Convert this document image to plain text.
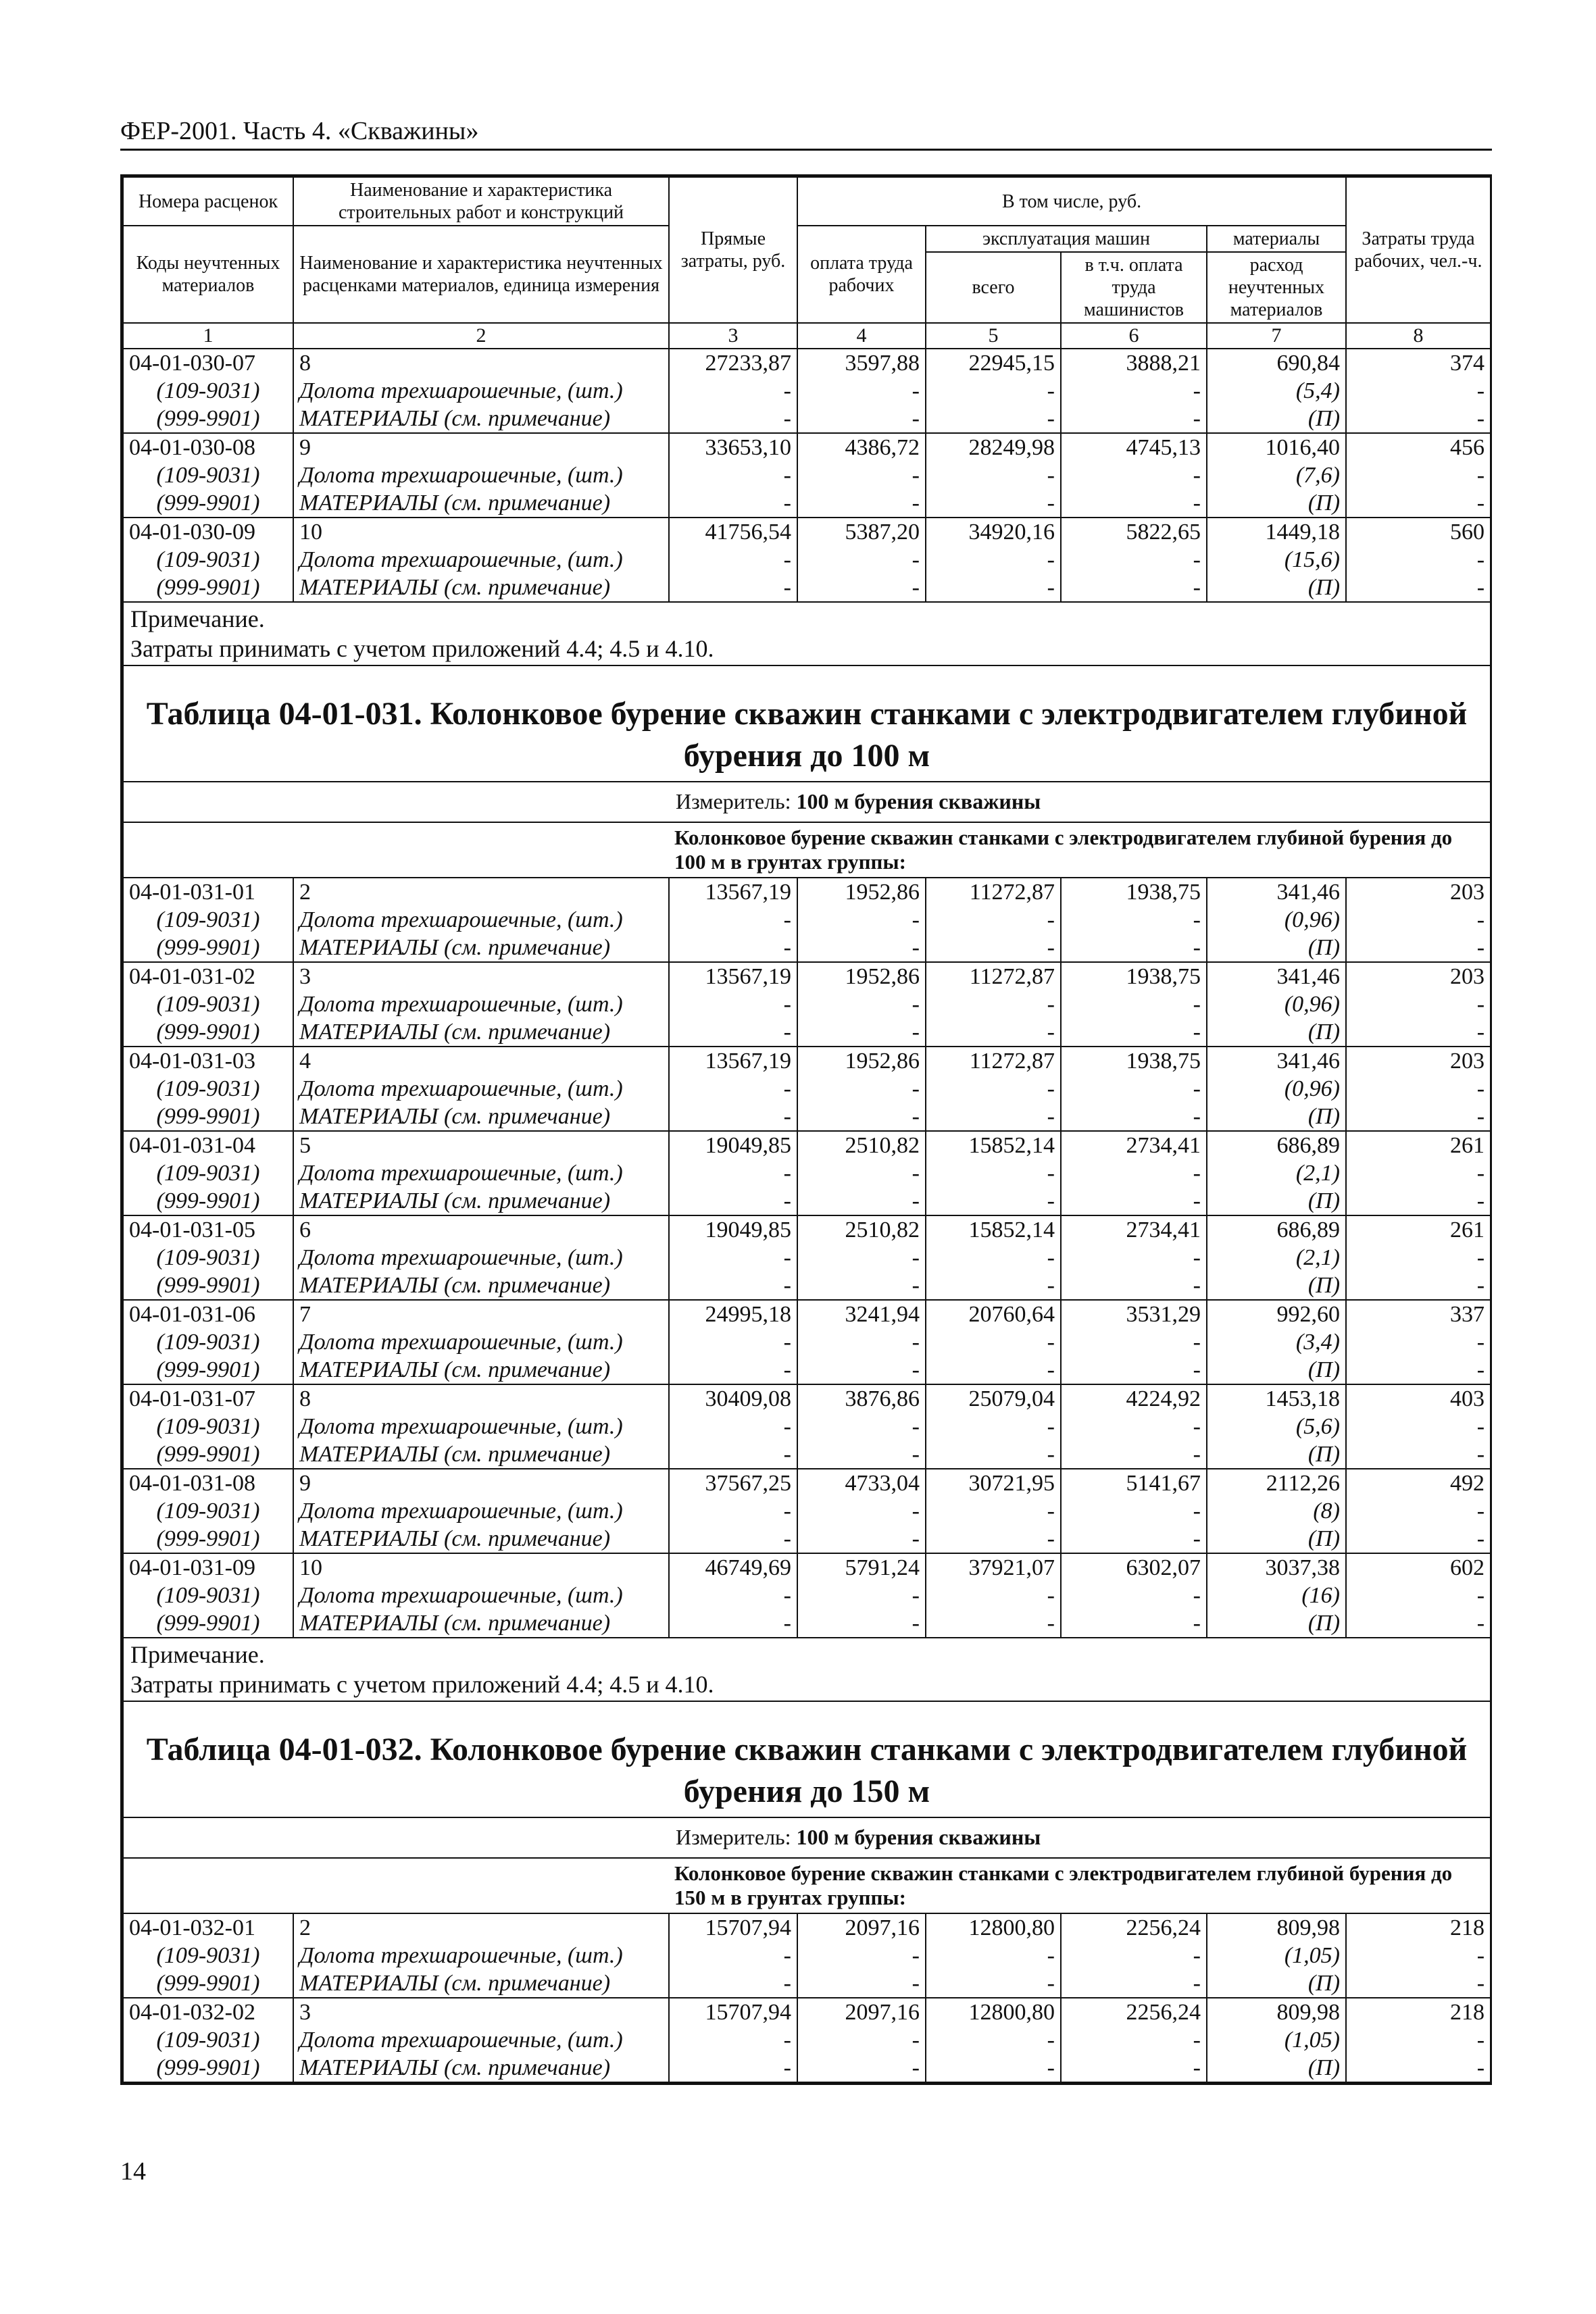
ФЕР-2001. Часть 4. «Скважины»
Номера расценок	Наименование и характеристика строительных работ и конструкций	Прямые затраты, руб.	В том числе, руб.				Затраты труда рабочих, чел.-ч.
Коды неучтенных материалов	Наименование и характеристика неучтенных расценками материалов, единица измерения		оплата труда рабочих	эксплуатация машин		материалы	
				всего	в т.ч. оплата труда машинистов	расход неучтенных материалов	
1	2	3	4	5	6	7	8
04-01-030-07	8	27233,87	3597,88	22945,15	3888,21	690,84	374
(109-9031)	Долота трехшарошечные, (шт.)	-	-	-	-	(5,4)	-
(999-9901)	МАТЕРИАЛЫ (см. примечание)	-	-	-	-	(П)	-
04-01-030-08	9	33653,10	4386,72	28249,98	4745,13	1016,40	456
(109-9031)	Долота трехшарошечные, (шт.)	-	-	-	-	(7,6)	-
(999-9901)	МАТЕРИАЛЫ (см. примечание)	-	-	-	-	(П)	-
04-01-030-09	10	41756,54	5387,20	34920,16	5822,65	1449,18	560
(109-9031)	Долота трехшарошечные, (шт.)	-	-	-	-	(15,6)	-
(999-9901)	МАТЕРИАЛЫ (см. примечание)	-	-	-	-	(П)	-

Примечание.
Затраты принимать с учетом приложений 4.4; 4.5 и 4.10.							

Таблица 04-01-031. Колонковое бурение скважин станками с электродвигателем глубиной бурения до 100 м							
		Измеритель: 100 м бурения скважины					
		Колонковое бурение скважин станками с электродвигателем глубиной бурения до 100 м в грунтах группы:					
04-01-031-01	2	13567,19	1952,86	11272,87	1938,75	341,46	203
(109-9031)	Долота трехшарошечные, (шт.)	-	-	-	-	(0,96)	-
(999-9901)	МАТЕРИАЛЫ (см. примечание)	-	-	-	-	(П)	-
04-01-031-02	3	13567,19	1952,86	11272,87	1938,75	341,46	203
(109-9031)	Долота трехшарошечные, (шт.)	-	-	-	-	(0,96)	-
(999-9901)	МАТЕРИАЛЫ (см. примечание)	-	-	-	-	(П)	-
04-01-031-03	4	13567,19	1952,86	11272,87	1938,75	341,46	203
(109-9031)	Долота трехшарошечные, (шт.)	-	-	-	-	(0,96)	-
(999-9901)	МАТЕРИАЛЫ (см. примечание)	-	-	-	-	(П)	-
04-01-031-04	5	19049,85	2510,82	15852,14	2734,41	686,89	261
(109-9031)	Долота трехшарошечные, (шт.)	-	-	-	-	(2,1)	-
(999-9901)	МАТЕРИАЛЫ (см. примечание)	-	-	-	-	(П)	-
04-01-031-05	6	19049,85	2510,82	15852,14	2734,41	686,89	261
(109-9031)	Долота трехшарошечные, (шт.)	-	-	-	-	(2,1)	-
(999-9901)	МАТЕРИАЛЫ (см. примечание)	-	-	-	-	(П)	-
04-01-031-06	7	24995,18	3241,94	20760,64	3531,29	992,60	337
(109-9031)	Долота трехшарошечные, (шт.)	-	-	-	-	(3,4)	-
(999-9901)	МАТЕРИАЛЫ (см. примечание)	-	-	-	-	(П)	-
04-01-031-07	8	30409,08	3876,86	25079,04	4224,92	1453,18	403
(109-9031)	Долота трехшарошечные, (шт.)	-	-	-	-	(5,6)	-
(999-9901)	МАТЕРИАЛЫ (см. примечание)	-	-	-	-	(П)	-
04-01-031-08	9	37567,25	4733,04	30721,95	5141,67	2112,26	492
(109-9031)	Долота трехшарошечные, (шт.)	-	-	-	-	(8)	-
(999-9901)	МАТЕРИАЛЫ (см. примечание)	-	-	-	-	(П)	-
04-01-031-09	10	46749,69	5791,24	37921,07	6302,07	3037,38	602
(109-9031)	Долота трехшарошечные, (шт.)	-	-	-	-	(16)	-
(999-9901)	МАТЕРИАЛЫ (см. примечание)	-	-	-	-	(П)	-

Примечание.
Затраты принимать с учетом приложений 4.4; 4.5 и 4.10.							

Таблица 04-01-032. Колонковое бурение скважин станками с электродвигателем глубиной бурения до 150 м							
		Измеритель: 100 м бурения скважины					
		Колонковое бурение скважин станками с электродвигателем глубиной бурения до 150 м в грунтах группы:					
04-01-032-01	2	15707,94	2097,16	12800,80	2256,24	809,98	218
(109-9031)	Долота трехшарошечные, (шт.)	-	-	-	-	(1,05)	-
(999-9901)	МАТЕРИАЛЫ (см. примечание)	-	-	-	-	(П)	-
04-01-032-02	3	15707,94	2097,16	12800,80	2256,24	809,98	218
(109-9031)	Долота трехшарошечные, (шт.)	-	-	-	-	(1,05)	-
(999-9901)	МАТЕРИАЛЫ (см. примечание)	-	-	-	-	(П)	-
14
